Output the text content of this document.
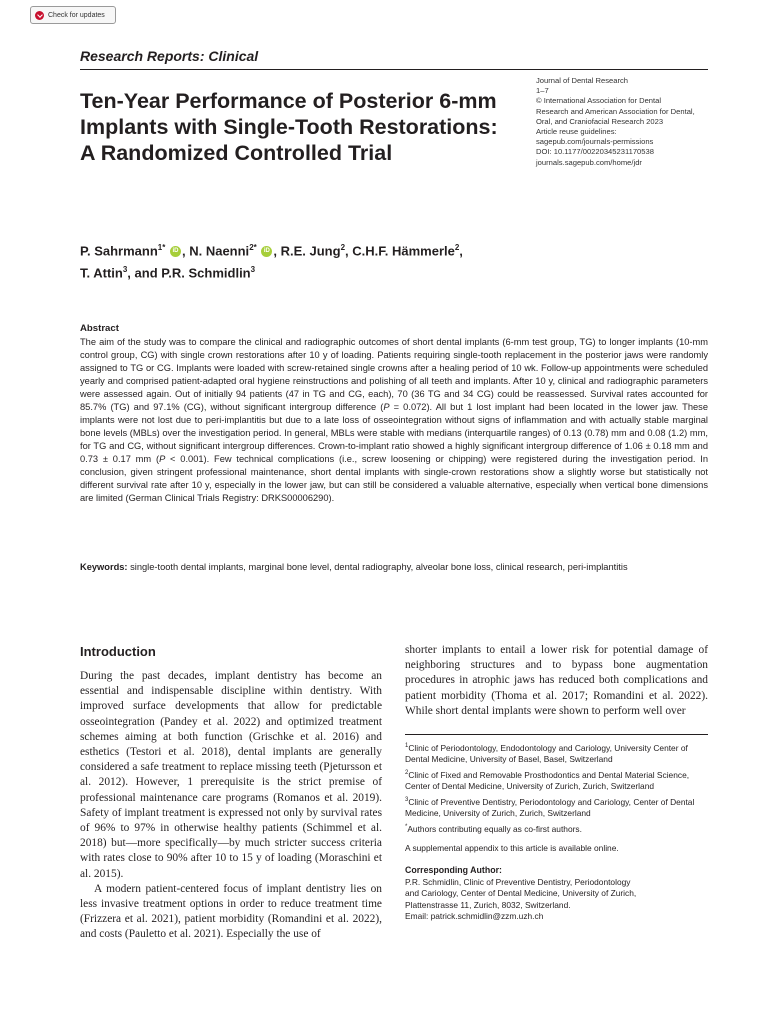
Check for updates
Research Reports: Clinical
Ten-Year Performance of Posterior 6-mm Implants with Single-Tooth Restorations: A Randomized Controlled Trial
Journal of Dental Research
1–7
© International Association for Dental
Research and American Association for Dental,
Oral, and Craniofacial Research 2023
Article reuse guidelines:
sagepub.com/journals-permissions
DOI: 10.1177/00220345231170538
journals.sagepub.com/home/jdr
P. Sahrmann$^{1*}$ iD , N. Naenni$^{2*}$ iD , R.E. Jung$^2$, C.H.F. Hämmerle$^2$,
T. Attin$^3$, and P.R. Schmidlin$^3$
Abstract

The aim of the study was to compare the clinical and radiographic outcomes of short dental implants (6-mm test group, TG) to longer implants (10-mm control group, CG) with single crown restorations after 10 y of loading. Patients requiring single-tooth replacement in the posterior jaws were randomly assigned to TG or CG. Implants were loaded with screw-retained single crowns after a healing period of 10 wk. Follow-up appointments were scheduled yearly and comprised patient-adapted oral hygiene reinstructions and polishing of all teeth and implants. After 10 y, clinical and radiographic parameters were assessed again. Out of initially 94 patients (47 in TG and CG, each), 70 (36 TG and 34 CG) could be reassessed. Survival rates accounted for 85.7% (TG) and 97.1% (CG), without significant intergroup difference (P = 0.072). All but 1 lost implant had been located in the lower jaw. These implants were not lost due to peri-implantitis but due to a late loss of osseointegration without signs of inflammation and with actually stable marginal bone levels (MBLs) over the investigation period. In general, MBLs were stable with medians (interquartile ranges) of 0.13 (0.78) mm and 0.08 (1.2) mm, for TG and CG, without significant intergroup differences. Crown-to-implant ratio showed a highly significant intergroup difference of 1.06 ± 0.18 mm and 0.73 ± 0.17 mm (P < 0.001). Few technical complications (i.e., screw loosening or chipping) were registered during the investigation period. In conclusion, given stringent professional maintenance, short dental implants with single-crown restorations show a slightly worse but statistically not different survival rate after 10 y, especially in the lower jaw, but can still be considered a valuable alternative, especially when vertical bone dimensions are limited (German Clinical Trials Registry: DRKS00006290).

Keywords: single-tooth dental implants, marginal bone level, dental radiography, alveolar bone loss, clinical research, peri-implantitis
Introduction

During the past decades, implant dentistry has become an essential and indispensable discipline within dentistry. With improved surface developments that allow for predictable osseointegration (Pandey et al. 2022) and optimized treatment schemes aiming at both function (Grischke et al. 2016) and esthetics (Testori et al. 2018), dental implants are generally considered a safe treatment to replace missing teeth (Pjetursson et al. 2012). However, 1 prerequisite is the strict premise of professional maintenance care programs (Romanos et al. 2019). Safety of implant treatment is expressed not only by survival rates of 96% to 97% in otherwise healthy patients (Schimmel et al. 2018) but—more specifically—by much stricter success criteria with rates close to 90% after 10 to 15 y of loading (Moraschini et al. 2015).

A modern patient-centered focus of implant dentistry lies on less invasive treatment options in order to reduce treatment time (Frizzera et al. 2021), patient morbidity (Romandini et al. 2022), and costs (Pauletto et al. 2021). Especially the use of

shorter implants to entail a lower risk for potential damage of neighboring structures and to bypass bone augmentation procedures in atrophic jaws has reduced both complications and patient morbidity (Thoma et al. 2017; Romandini et al. 2022). While short dental implants were shown to perform well over

$^1$Clinic of Periodontology, Endodontology and Cariology, University Center of Dental Medicine, University of Basel, Basel, Switzerland
$^2$Clinic of Fixed and Removable Prosthodontics and Dental Material Science, Center of Dental Medicine, University of Zurich, Zurich, Switzerland
$^3$Clinic of Preventive Dentistry, Periodontology and Cariology, Center of Dental Medicine, University of Zurich, Zurich, Switzerland
*Authors contributing equally as co-first authors.
A supplemental appendix to this article is available online.
Corresponding Author:
P.R. Schmidlin, Clinic of Preventive Dentistry, Periodontology
and Cariology, Center of Dental Medicine, University of Zurich,
Plattenstrasse 11, Zurich, 8032, Switzerland.
Email: patrick.schmidlin@zzm.uzh.ch
